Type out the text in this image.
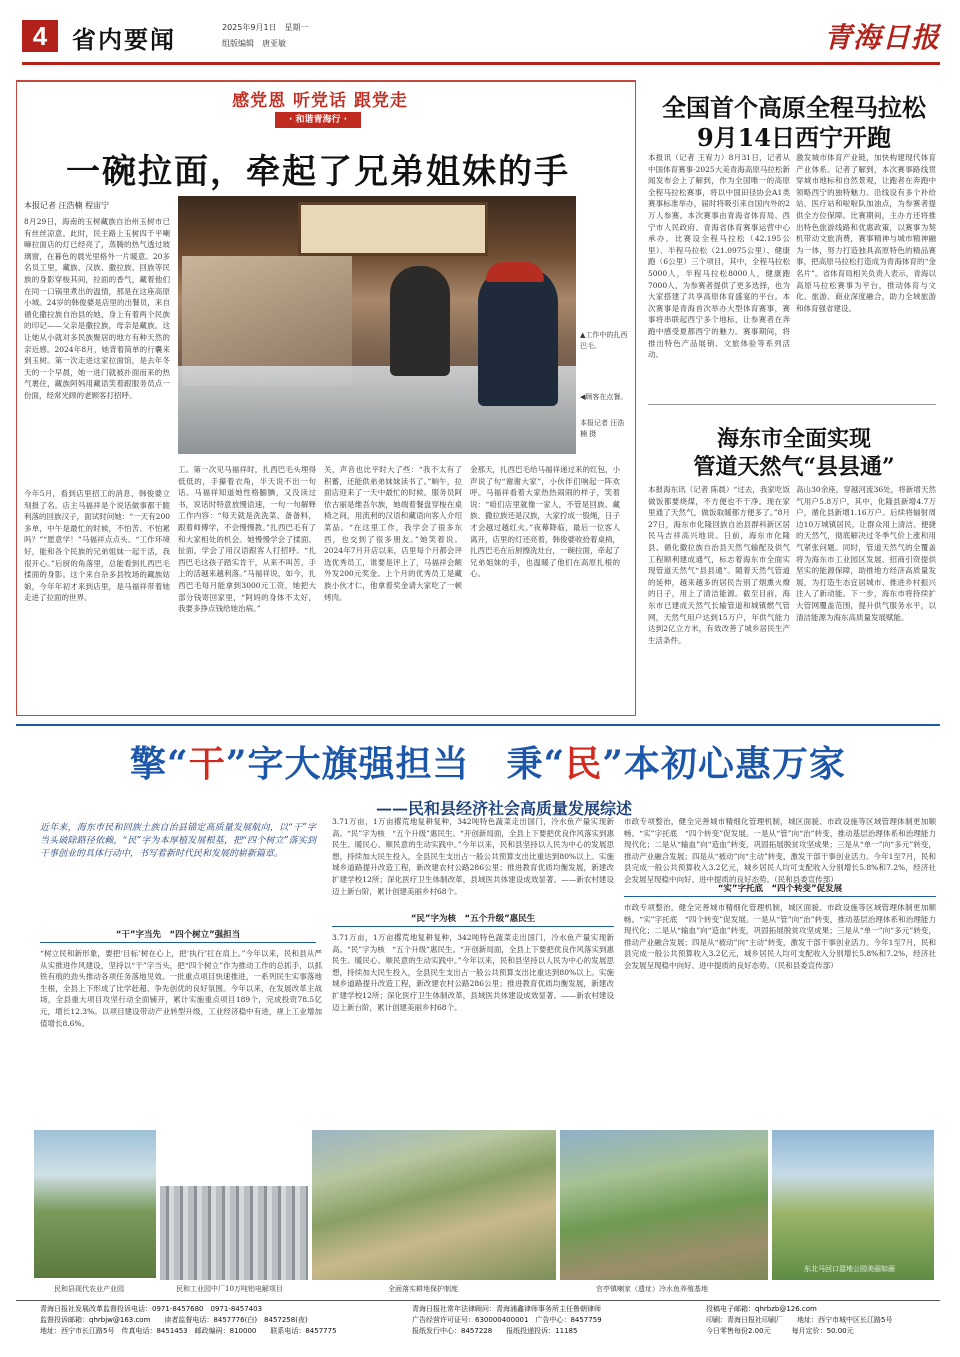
4	省内要闻	2025年9月1日　 星期一
组版编辑　唐亚敏	青海日报
感党恩 听党话 跟党走
· 和谐青海行 ·
一碗拉面，牵起了兄弟姐妹的手
本报记者 汪浩楠 程宙宁
8月29日，海南的玉树藏族自治州玉树市已有丝丝凉意。此时，民主路上玉树四千平喇嘛拉面店的灯已经亮了，蒸腾的热气透过玻璃窗，在暮色的晨光里格外一片暖意。20多名员工里，藏族、汉族、撒拉族、回族等民族的身影穿梭其间，拉面的香气，藏着他们在同一口锅里煮出的温情，那是在这座高原小城。24岁的韩俊婆是店里的出餐员，来自循化撒拉族自治县的她，身上有着两个民族的印记——父亲是撒拉族，母亲是藏族。这让她从小就对多民族聚居的地方有种天然的亲近感。2024年8月，她背着简单的行囊来到玉树。第一次走进这家拉面馆，是去年冬天的一个早晨，她一进门就被扑面而来的热气裹住，藏族阿妈用藏语笑着跟服务员点一份面，经常光顾的老顾客打招呼。
今年5月，看到店里招工的消息，韩俊婆立刻报了名。店主马福祥是个说话做事都干脆利落的回族汉子，面试时问她：“一天有200多单，中午是最忙的时候，不怕苦、不怕累吗？”“愿意学！”马福祥点点头。“工作环境好，能和各个民族的兄弟姐妹一起干活，我很开心。”后厨的角落里，总能看到扎西巴毛揉面的身影。这个来自杂多县牧场的藏族姑娘，今年年初才来到店里，是马福祥带着她走进了拉面的世界。
▲工作中的扎西巴毛。
◀顾客在点餐。
本报记者 汪浩楠 摄
工。第一次见马福祥时，扎西巴毛头埋得低低的，手攥着衣角，半天说不出一句话。马福祥知道她性格腼腆，又没读过书，说话时特意放慢语速，一句一句解释工作内容：“每天就是洗洗菜、备备料，跟着师傅学，不会慢慢教。”扎西巴毛有了和大家相处的机会。她慢慢学会了揉面、扯面，学会了用汉语跟客人打招呼。“扎西巴毛这孩子踏实肯干，从来不叫苦，手上的活越来越利落。”马福祥说，如今，扎西巴毛每月能拿到3000元工资，她把大部分钱寄回家里，“阿妈的身体不太好，我要多挣点钱给她治病。”
关，声音也比平时大了些：“我不太有了积蓄，还能供弟弟妹妹读书了。”晌午，拉面店迎来了一天中最忙的时候。服务员阿依古丽是维吾尔族，她端着餐盘穿梭在桌椅之间，用流利的汉语和藏语向客人介绍菜品。“在这里工作，我学会了很多东西，也交到了很多朋友。”她笑着说。2024年7月开店以来，店里每个月都会评选优秀员工，谁要是评上了，马福祥会额外发200元奖金。上个月的优秀员工是藏族小伙才仁，他拿着奖金请大家吃了一顿烤肉。
金那天，扎西巴毛给马福祥递过来的红包，小声说了句“谢谢大家”，小伙伴们响起一阵欢呼。马福祥看着大家热热闹闹的样子，笑着说：“咱们店里就像一家人，不管是回族、藏族、撒拉族还是汉族，大家拧成一股绳，日子才会越过越红火。”夜幕降临，最后一位客人离开，店里的灯还亮着，韩俊婆收拾着桌椅，扎西巴毛在后厨擦洗灶台，一碗拉面，牵起了兄弟姐妹的手，也温暖了他们在高原扎根的心。
全国首个高原全程马拉松
9月14日西宁开跑
本报讯（记者 王宥力）8月31日，记者从中国体育赛事·2025大美青海高原马拉松新闻发布会上了解到，作为全国唯一的高原全程马拉松赛事，将以中国田径协会A1类赛事标准举办，届时将吸引来自国内外的2万人参赛。本次赛事由青海省体育局、西宁市人民政府、青海省体育赛事运营中心承办。比赛设全程马拉松（42.195公里）、半程马拉松（21.0975公里）、健康跑（6公里）三个项目，其中，全程马拉松5000人，半程马拉松8000人，健康跑7000人，为参赛者提供了更多选择，也为大家搭建了共享高原体育盛宴的平台。本次赛事是青海首次举办大型体育赛事，赛事将串联起西宁多个地标，让参赛者在奔跑中感受夏都西宁的魅力。赛事期间，将推出特色产品展销、文旅体验等系列活动。
激发城市体育产业链，加快构建现代体育产业体系。记者了解到，本次赛事路线贯穿城市地标和自然景观，让跑者在奔跑中领略西宁的独特魅力。沿线设有多个补给站、医疗站和啦啦队加油点，为参赛者提供全方位保障。比赛期间，主办方还将推出特色旅游线路和优惠政策，以赛事为契机带动文旅消费，赛事精神与城市精神融为一体，努力打造独具高原特色的精品赛事，把高原马拉松打造成为青海体育的“金名片”。省体育局相关负责人表示，青海以高原马拉松赛事为平台，推动体育与文化、旅游、商业深度融合，助力全域旅游和体育强省建设。
海东市全面实现
管道天然气“县县通”
本报海东讯（记者 陈晨）“过去，我家吃饭做饭都要烧煤，不方便也不干净。现在家里通了天然气，做饭取暖都方便多了。”8月27日，海东市化隆回族自治县群科新区居民马吉祥高兴地说。日前，海东市化隆县、循化撒拉族自治县天然气输配及供气工程顺利建成通气，标志着海东市全面实现管道天然气“县县通”。随着天然气管道的延伸，越来越多的居民告别了烟熏火燎的日子，用上了清洁能源。截至目前，海东市已建成天然气长输管道和城镇燃气管网，天然气用户达到15万户，年供气能力达到2亿立方米，有效改善了城乡居民生产生活条件。
高山30余座，穿越河流36处，将新增天然气用户5.8万户，其中，化隆县新增4.7万户，循化县新增1.16万户。后续将辐射周边10万城镇居民，让群众用上清洁、便捷的天然气，彻底解决过冬季气价上涨和用气紧张问题。同时，管道天然气的全覆盖将为海东市工业园区发展、招商引资提供坚实的能源保障，助推地方经济高质量发展，为打造生态宜居城市、推进乡村振兴注入了新动能。下一步，海东市将持续扩大管网覆盖范围，提升供气服务水平，以清洁能源为海东高质量发展赋能。
擎“干”字大旗强担当　秉“民”本初心惠万家
——民和县经济社会高质量发展综述
近年来，海东市民和回族土族自治县锚定高质量发展航向，以“干”字当头破除路径依赖，“民”字为本厚植发展根基，把“四个树立”落实到干事创业的具体行动中，书写着新时代民和发展的崭新篇章。
“干”字当先　“四个树立”强担当
“树立民和新形象，要把‘目标’树在心上，把‘执行’扛在肩上。”今年以来，民和县从严从实推进作风建设，坚持以“干”字当头，把“四个树立”作为推动工作的总抓手，以抓铁有痕的劲头推动各项任务落地见效。一批重点项目快速推进，一系列民生实事落地生根，全县上下形成了比学赶超、争先创优的良好氛围。今年以来，在发展改革主战场，全县重大项目攻坚行动全面铺开，累计实施重点项目189个，完成投资78.5亿元，增长12.3%。以项目建设带动产业转型升级，工业经济稳中有进，规上工业增加值增长8.6%。
3.71万亩，1万亩撂荒地复耕复种，342吨特色蔬菜走出国门，冷水鱼产量实现新高。“民”字为核　“五个升级”惠民生。“开创新局面，全县上下要把优良作风落实到惠民生、暖民心、顺民意的生动实践中。”今年以来，民和县坚持以人民为中心的发展思想，持续加大民生投入，全县民生支出占一般公共预算支出比重达到80%以上。实施城乡道路提升改造工程，新改建农村公路286公里；推进教育优质均衡发展，新建改扩建学校12所；深化医疗卫生体制改革，县域医共体建设成效显著。——新农村建设迈上新台阶，累计创建美丽乡村68个。
“民”字为核　“五个升级”惠民生
3.71万亩，1万亩撂荒地复耕复种，342吨特色蔬菜走出国门，冷水鱼产量实现新高。“民”字为核　“五个升级”惠民生。“开创新局面，全县上下要把优良作风落实到惠民生、暖民心、顺民意的生动实践中。”今年以来，民和县坚持以人民为中心的发展思想，持续加大民生投入，全县民生支出占一般公共预算支出比重达到80%以上。实施城乡道路提升改造工程，新改建农村公路286公里；推进教育优质均衡发展，新建改扩建学校12所；深化医疗卫生体制改革，县域医共体建设成效显著。——新农村建设迈上新台阶，累计创建美丽乡村68个。
市政专项整治，健全完善城市精细化管理机制，城区面貌、市政设施等区域管理体制更加顺畅。“实”字托底　“四个转变”促发展。一是从“管”向“治”转变，推动基层治理体系和治理能力现代化；二是从“输血”向“造血”转变，巩固拓展脱贫攻坚成果；三是从“单一”向“多元”转变，推动产业融合发展；四是从“被动”向“主动”转变，激发干部干事创业活力。今年1至7月，民和县完成一般公共预算收入3.2亿元，城乡居民人均可支配收入分别增长5.8%和7.2%，经济社会发展呈现稳中向好、进中提质的良好态势。（民和县委宣传部）
“实”字托底　“四个转变”促发展
市政专项整治，健全完善城市精细化管理机制，城区面貌、市政设施等区域管理体制更加顺畅。“实”字托底　“四个转变”促发展。一是从“管”向“治”转变，推动基层治理体系和治理能力现代化；二是从“输血”向“造血”转变，巩固拓展脱贫攻坚成果；三是从“单一”向“多元”转变，推动产业融合发展；四是从“被动”向“主动”转变，激发干部干事创业活力。今年1至7月，民和县完成一般公共预算收入3.2亿元，城乡居民人均可支配收入分别增长5.8%和7.2%，经济社会发展呈现稳中向好、进中提质的良好态势。（民和县委宣传部）
民和县现代农业产业园	民和工业园中厂10万吨铝电解项目	全面落实耕地保护制度	官亭镇喇家（遗址）冷水鱼养殖基地
东北马回口湿地公园美丽如画
青海日报社发展改革监督投诉电话：0971-8457680　0971-8457403
监督投诉邮箱：qhrbjw@163.com　　读者监督电话：8457776(白)　8457258(夜)
地址：西宁市长江路5号　传真电话：8451453　邮政编码：810000　　联系电话：8457775
青海日报社常年法律顾问：青海浦鑫律师事务所主任鲁朝律师
广告经营许可证号：630000400001　广告中心：8457759
报纸发行中心：8457228　　报纸投递投诉：11185
投稿电子邮箱：qhrbzb@126.com
印刷：青海日报社印刷厂　　地址：西宁市城中区长江路5号
今日零售每份2.00元　　　每月定价：50.00元
